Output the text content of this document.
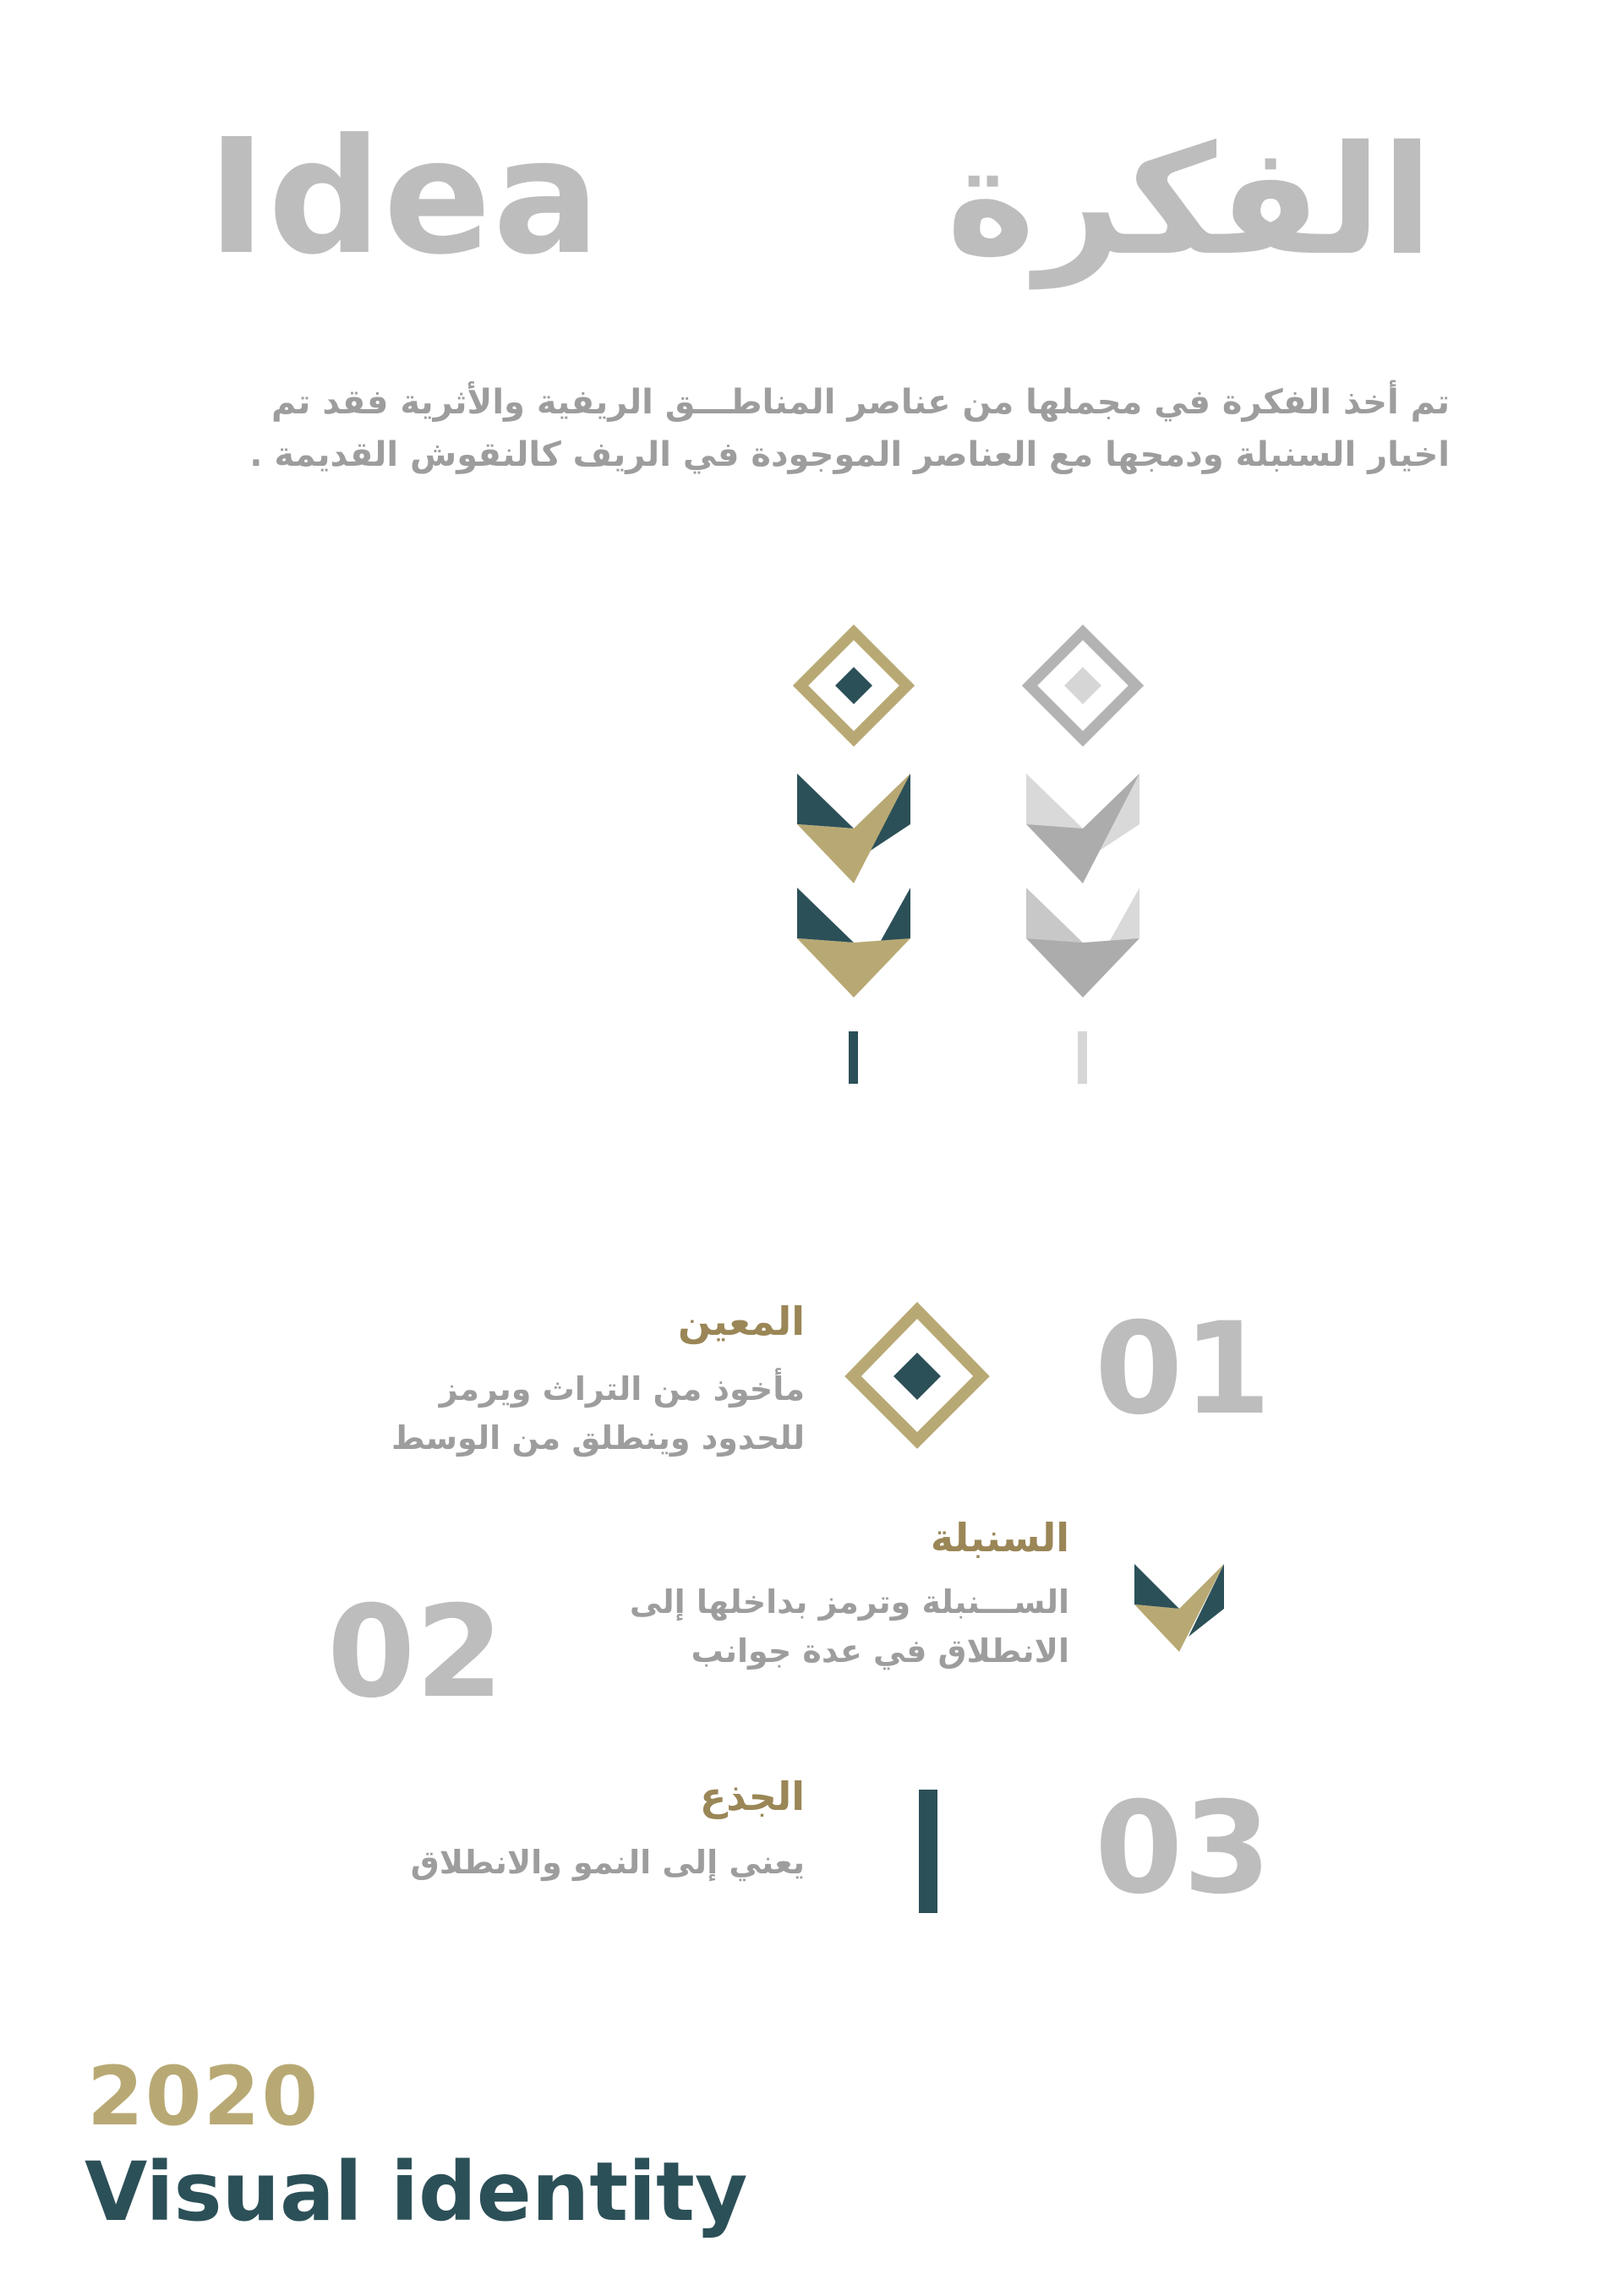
Idea الفكرة
تم أخذ الفكرة في مجملها من عناصر المناطـــق الريفية والأثرية فقد تم اخيار السنبلة ودمجها مع العناصر الموجودة في الريف كالنقوش القديمة .
01
المعين
مأخوذ من التراث ويرمز للحدود وينطلق من الوسط
02
السنبلة
الســـنبلة وترمز بداخلها إلى الانطلاق في عدة جوانب
03
الجذع
يعني إلى النمو والانطلاق
2020
Visual identity
